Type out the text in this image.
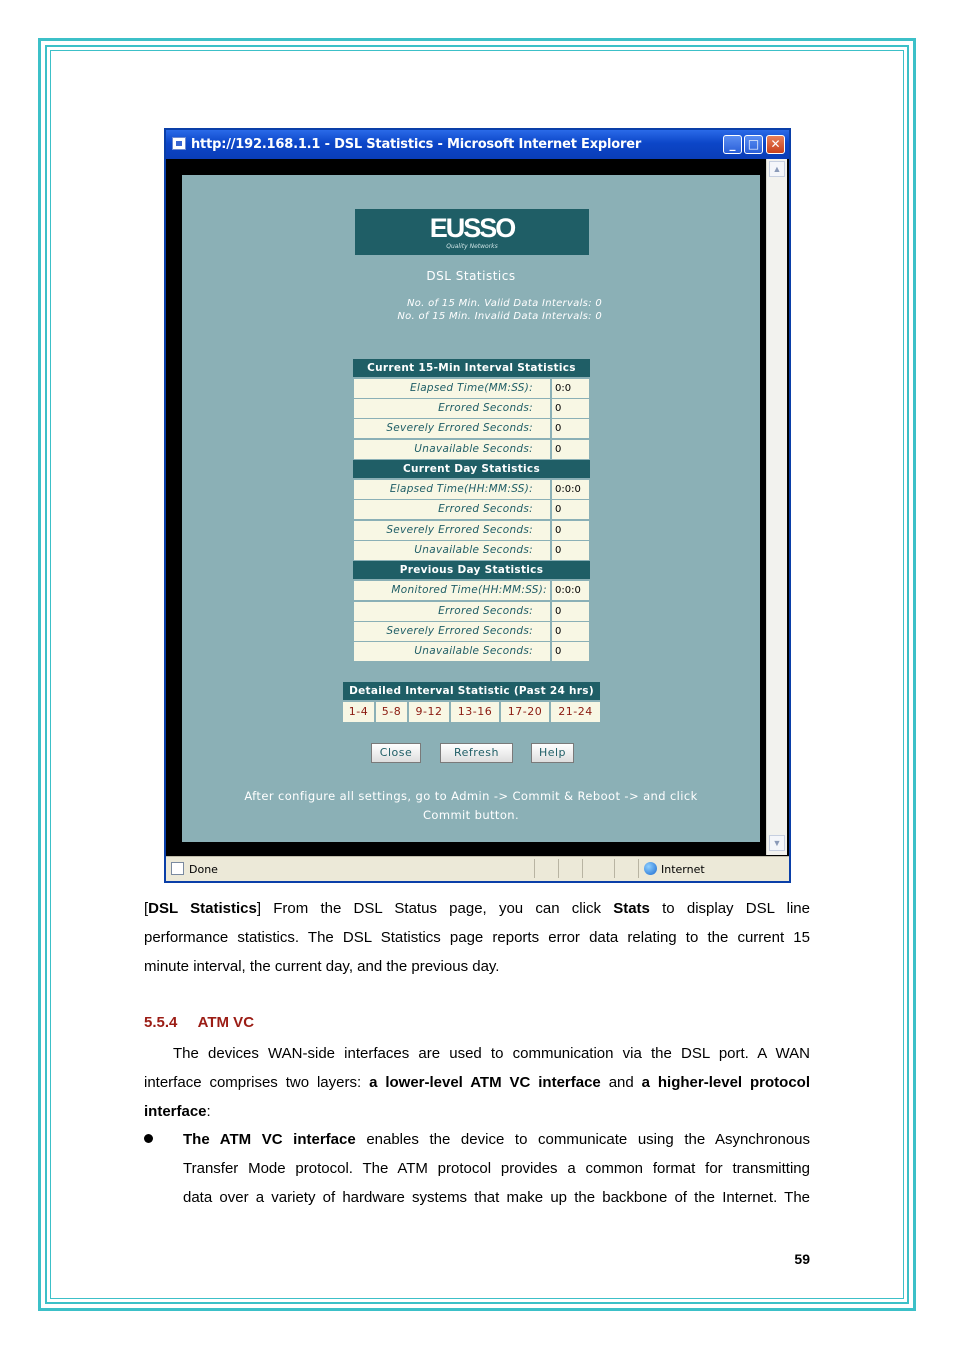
http://192.168.1.1 - DSL Statistics - Microsoft Internet Explorer	_	□ ✕
EUSSO
Quality Networks
DSL Statistics
No. of 15 Min. Valid Data Intervals: 0
No. of 15 Min. Invalid Data Intervals: 0
Current 15-Min Interval Statistics
Elapsed Time(MM:SS):	0:0
Errored Seconds:	0
Severely Errored Seconds:	0
Unavailable Seconds:	0
Current Day Statistics
Elapsed Time(HH:MM:SS):	0:0:0
Errored Seconds:	0
Severely Errored Seconds:	0
Unavailable Seconds:	0
Previous Day Statistics
Monitored Time(HH:MM:SS): 0:0:0
Errored Seconds:	0
Severely Errored Seconds:	0
Unavailable Seconds:	0
Detailed Interval Statistic (Past 24 hrs)
1-4	5-8	9-12	13-16	17-20	21-24
Close	Refresh	Help
After configure all settings, go to Admin -> Commit & Reboot -> and click
Commit button.
▲
▼
Done	Internet
[DSL Statistics] From the DSL Status page, you can click Stats to display DSL line
performance statistics. The DSL Statistics page reports error data relating to the current 15
minute interval, the current day, and the previous day.
5.5.4     ATM VC
The devices WAN-side interfaces are used to communication via the DSL port. A WAN
interface comprises two layers: a lower-level ATM VC interface and a higher-level protocol
interface:
The ATM VC interface enables the device to communicate using the Asynchronous
Transfer Mode protocol. The ATM protocol provides a common format for transmitting
data over a variety of hardware systems that make up the backbone of the Internet. The
59
